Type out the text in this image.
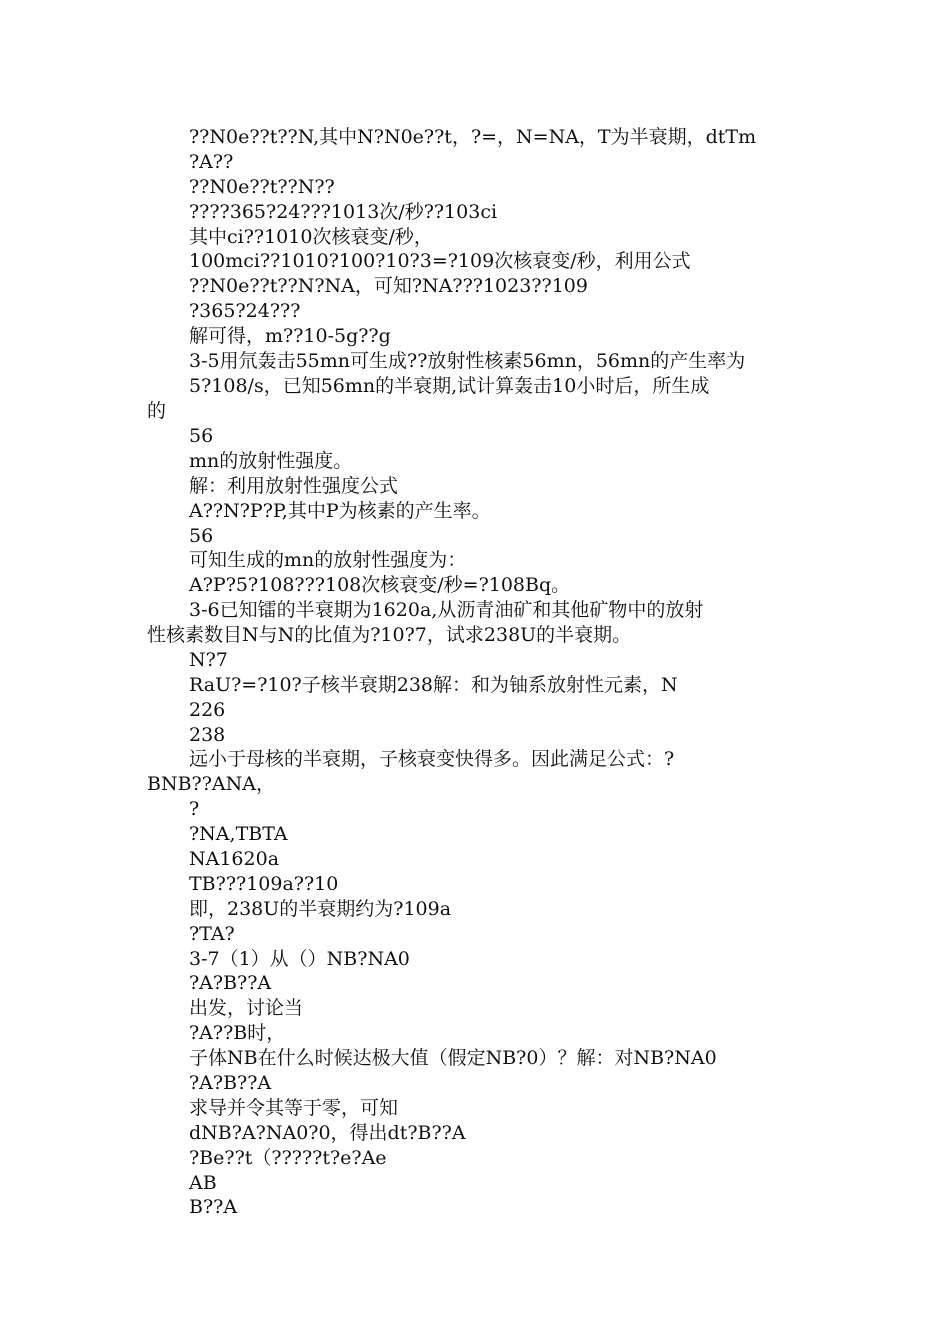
??N0e??t??N,其中N?N0e??t，?=，N=NA，T为半衰期，dtTm
?A??
??N0e??t??N??
????365?24???1013次/秒??103ci
其中ci??1010次核衰变/秒，
100mci??1010?100?10?3=?109次核衰变/秒，利用公式
??N0e??t??N?NA，可知?NA???1023??109
?365?24???
解可得，m??10-5g??g
3-5用氘轰击55mn可生成??放射性核素56mn，56mn的产生率为
5?108/s，已知56mn的半衰期,试计算轰击10小时后，所生成
的
56
mn的放射性强度。
解：利用放射性强度公式
A??N?P?P,其中P为核素的产生率。
56
可知生成的mn的放射性强度为：
A?P?5?108???108次核衰变/秒=?108Bq。
3-6已知镭的半衰期为1620a,从沥青油矿和其他矿物中的放射
性核素数目N与N的比值为?10?7，试求238U的半衰期。
N?7
RaU?=?10?子核半衰期238解：和为铀系放射性元素，N
226
238
远小于母核的半衰期，子核衰变快得多。因此满足公式：?
BNB??ANA，
?
?NA,TBTA
NA1620a
TB???109a??10
即，238U的半衰期约为?109a
?TA?
3-7（1）从（）NB?NA0
?A?B??A
出发，讨论当
?A??B时，
子体NB在什么时候达极大值（假定NB?0）？解：对NB?NA0
?A?B??A
求导并令其等于零，可知
dNB?A?NA0?0，得出dt?B??A
?Be??t（?????t?e?Ae
AB
B??A
